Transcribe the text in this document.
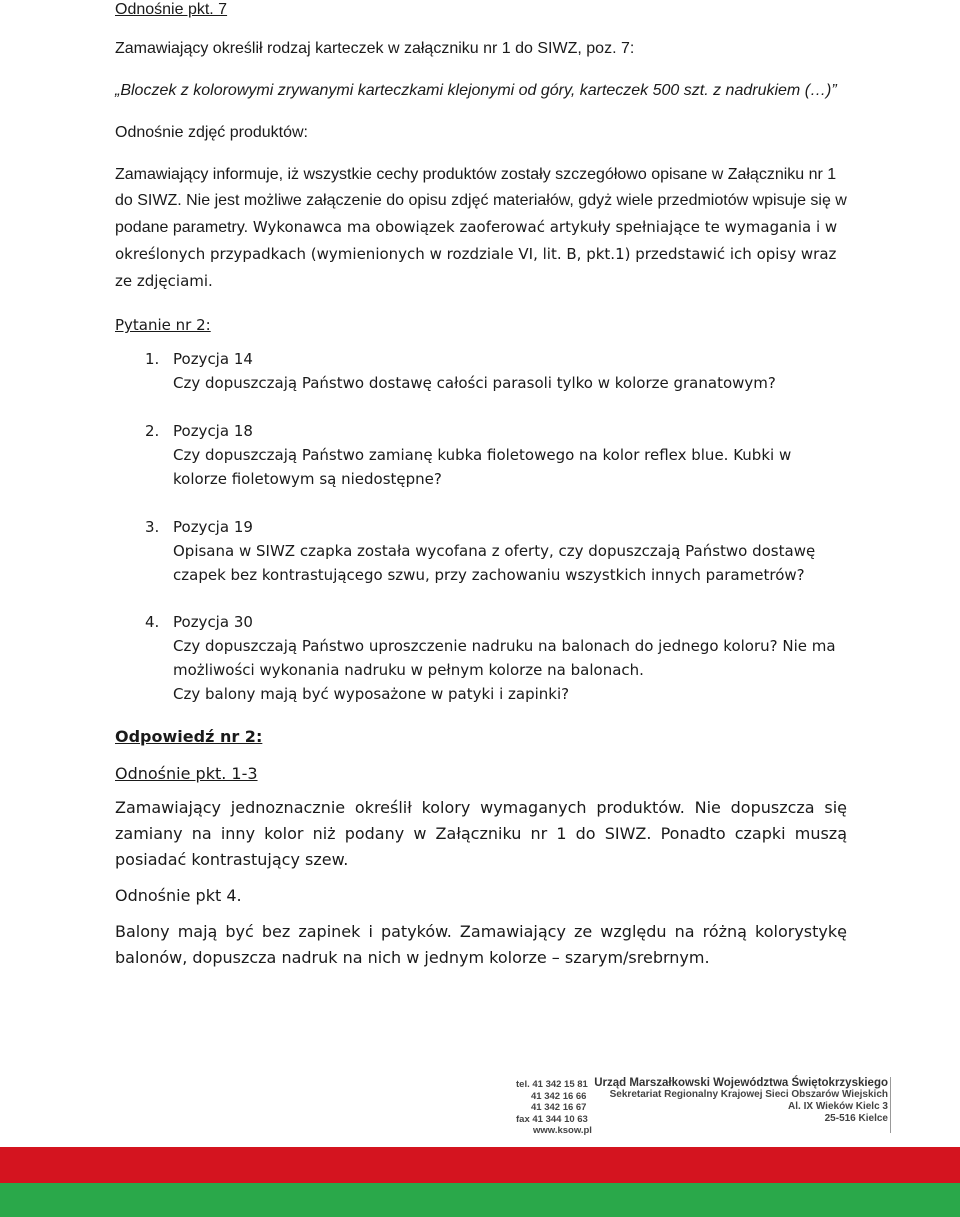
Odnośnie pkt. 7

Zamawiający określił rodzaj karteczek w załączniku nr 1 do SIWZ, poz. 7:

„Bloczek z kolorowymi zrywanymi karteczkami klejonymi od góry, karteczek 500 szt. z nadrukiem (…)”

Odnośnie zdjęć produktów:

Zamawiający informuje, iż wszystkie cechy produktów zostały szczegółowo opisane w Załączniku nr 1 do SIWZ. Nie jest możliwe załączenie do opisu zdjęć materiałów, gdyż wiele przedmiotów wpisuje się w podane parametry. Wykonawca ma obowiązek zaoferować artykuły spełniające te wymagania i w określonych przypadkach (wymienionych w rozdziale VI, lit. B, pkt.1) przedstawić ich opisy wraz ze zdjęciami.

Pytanie nr 2:

1. Pozycja 14
Czy dopuszczają Państwo dostawę całości parasoli tylko w kolorze granatowym?
2. Pozycja 18
Czy dopuszczają Państwo zamianę kubka fioletowego na kolor reflex blue. Kubki w kolorze fioletowym są niedostępne?
3. Pozycja 19
Opisana w SIWZ czapka została wycofana z oferty, czy dopuszczają Państwo dostawę czapek bez kontrastującego szwu, przy zachowaniu wszystkich innych parametrów?
4. Pozycja 30
Czy dopuszczają Państwo uproszczenie nadruku na balonach do jednego koloru? Nie ma możliwości wykonania nadruku w pełnym kolorze na balonach.
Czy balony mają być wyposażone w patyki i zapinki?

Odpowiedź nr 2:

Odnośnie pkt. 1-3

Zamawiający jednoznacznie określił kolory wymaganych produktów. Nie dopuszcza się zamiany na inny kolor niż podany w Załączniku nr 1 do SIWZ. Ponadto czapki muszą posiadać kontrastujący szew.

Odnośnie pkt 4.

Balony mają być bez zapinek i patyków. Zamawiający ze względu na różną kolorystykę balonów, dopuszcza nadruk na nich w jednym kolorze – szarym/srebrnym.

tel. 41 342 15 81
41 342 16 66
41 342 16 67
fax 41 344 10 63
www.ksow.pl
Urząd Marszałkowski Województwa Świętokrzyskiego
Sekretariat Regionalny Krajowej Sieci Obszarów Wiejskich
Al. IX Wieków Kielc 3
25-516 Kielce
